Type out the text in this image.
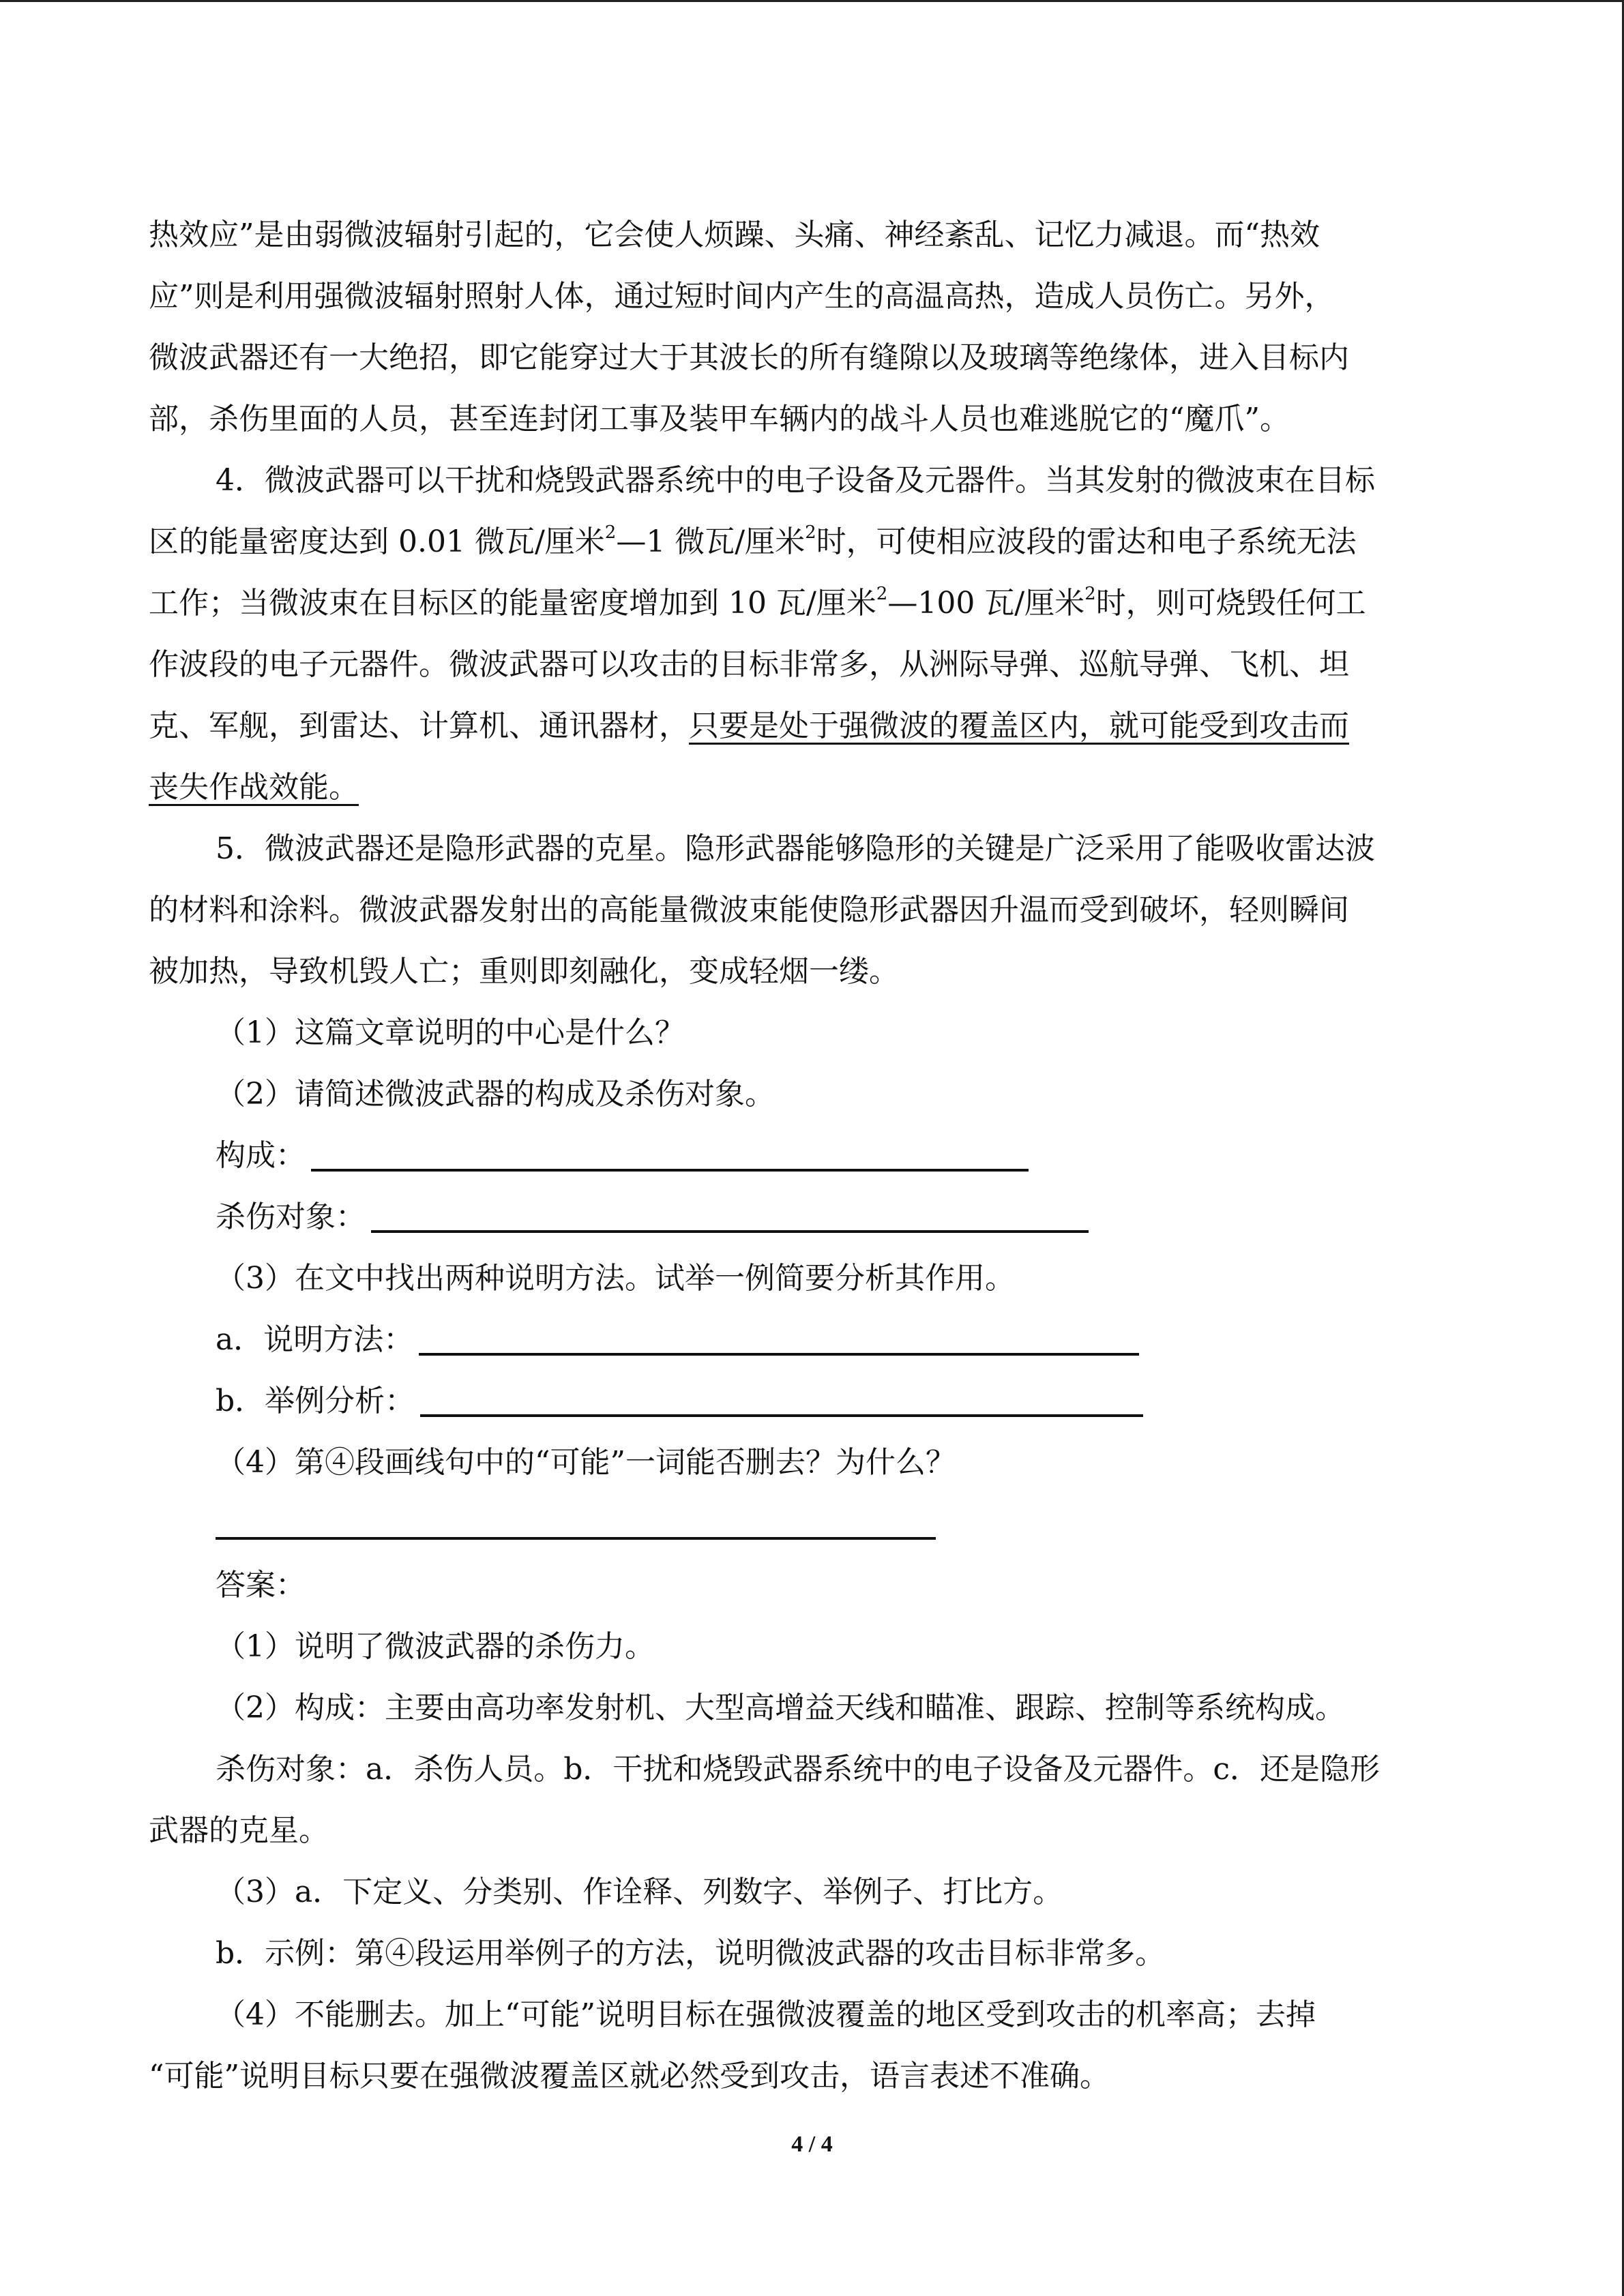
热效应”是由弱微波辐射引起的，它会使人烦躁、头痛、神经紊乱、记忆力减退。而“热效
应”则是利用强微波辐射照射人体，通过短时间内产生的高温高热，造成人员伤亡。另外，
微波武器还有一大绝招，即它能穿过大于其波长的所有缝隙以及玻璃等绝缘体，进入目标内
部，杀伤里面的人员，甚至连封闭工事及装甲车辆内的战斗人员也难逃脱它的“魔爪”。
4．微波武器可以干扰和烧毁武器系统中的电子设备及元器件。当其发射的微波束在目标
区的能量密度达到 0.01 微瓦/厘米$^2$—1 微瓦/厘米$^2$时，可使相应波段的雷达和电子系统无法
工作；当微波束在目标区的能量密度增加到 10 瓦/厘米$^2$—100 瓦/厘米$^2$时，则可烧毁任何工
作波段的电子元器件。微波武器可以攻击的目标非常多，从洲际导弹、巡航导弹、飞机、坦
克、军舰，到雷达、计算机、通讯器材，只要是处于强微波的覆盖区内，就可能受到攻击而
丧失作战效能。
5．微波武器还是隐形武器的克星。隐形武器能够隐形的关键是广泛采用了能吸收雷达波
的材料和涂料。微波武器发射出的高能量微波束能使隐形武器因升温而受到破坏，轻则瞬间
被加热，导致机毁人亡；重则即刻融化，变成轻烟一缕。
（1）这篇文章说明的中心是什么？
（2）请简述微波武器的构成及杀伤对象。
构成：
杀伤对象：
（3）在文中找出两种说明方法。试举一例简要分析其作用。
a．说明方法：
b．举例分析：
（4）第④段画线句中的“可能”一词能否删去？为什么？
答案：
（1）说明了微波武器的杀伤力。
（2）构成：主要由高功率发射机、大型高增益天线和瞄准、跟踪、控制等系统构成。
杀伤对象：a．杀伤人员。b．干扰和烧毁武器系统中的电子设备及元器件。c．还是隐形
武器的克星。
（3）a．下定义、分类别、作诠释、列数字、举例子、打比方。
b．示例：第④段运用举例子的方法，说明微波武器的攻击目标非常多。
（4）不能删去。加上“可能”说明目标在强微波覆盖的地区受到攻击的机率高；去掉
“可能”说明目标只要在强微波覆盖区就必然受到攻击，语言表述不准确。
4 / 4
